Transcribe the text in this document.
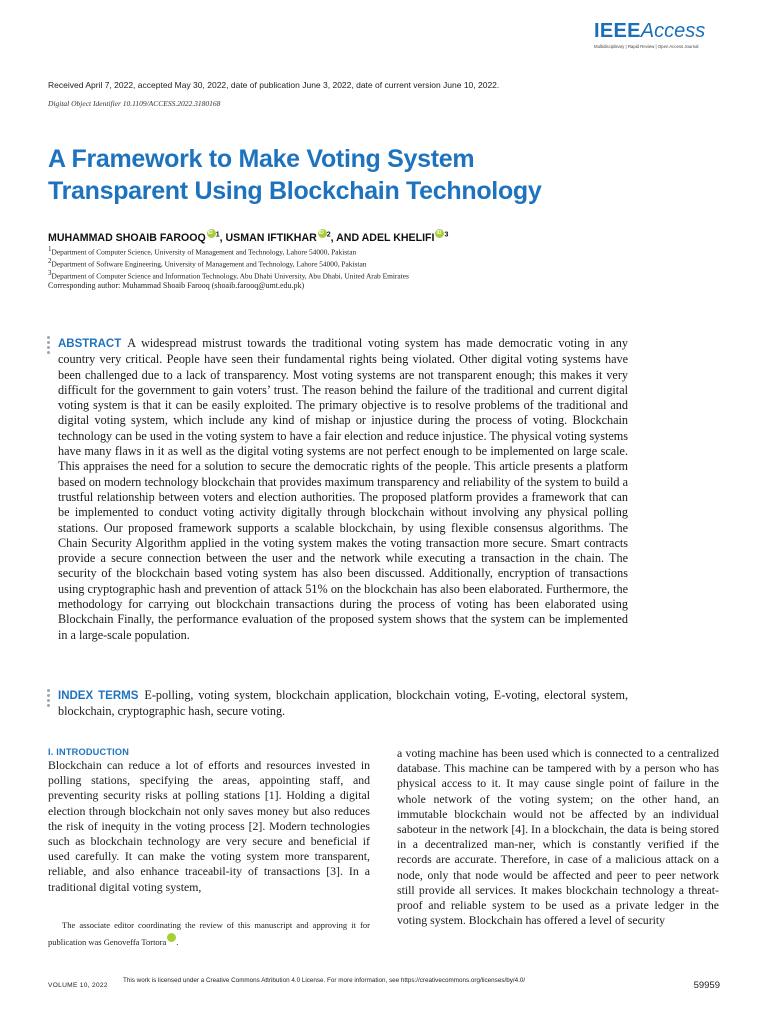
IEEEAccess
Multidisciplinary | Rapid Review | Open Access Journal
Received April 7, 2022, accepted May 30, 2022, date of publication June 3, 2022, date of current version June 10, 2022.
Digital Object Identifier 10.1109/ACCESS.2022.3180168
A Framework to Make Voting System
Transparent Using Blockchain Technology
MUHAMMAD SHOAIB FAROOQ iD $^1$, USMAN IFTIKHAR iD $^2$, AND ADEL KHELIFI iD $^3$
$^1$Department of Computer Science, University of Management and Technology, Lahore 54000, Pakistan
$^2$Department of Software Engineering, University of Management and Technology, Lahore 54000, Pakistan
$^3$Department of Computer Science and Information Technology, Abu Dhabi University, Abu Dhabi, United Arab Emirates
Corresponding author: Muhammad Shoaib Farooq (shoaib.farooq@umt.edu.pk)
ABSTRACT A widespread mistrust towards the traditional voting system has made democratic voting in any country very critical. People have seen their fundamental rights being violated. Other digital voting systems have been challenged due to a lack of transparency. Most voting systems are not transparent enough; this makes it very difficult for the government to gain voters’ trust. The reason behind the failure of the traditional and current digital voting system is that it can be easily exploited. The primary objective is to resolve problems of the traditional and digital voting system, which include any kind of mishap or injustice during the process of voting. Blockchain technology can be used in the voting system to have a fair election and reduce injustice. The physical voting systems have many flaws in it as well as the digital voting systems are not perfect enough to be implemented on large scale. This appraises the need for a solution to secure the democratic rights of the people. This article presents a platform based on modern technology blockchain that provides maximum transparency and reliability of the system to build a trustful relationship between voters and election authorities. The proposed platform provides a framework that can be implemented to conduct voting activity digitally through blockchain without involving any physical polling stations. Our proposed framework supports a scalable blockchain, by using flexible consensus algorithms. The Chain Security Algorithm applied in the voting system makes the voting transaction more secure. Smart contracts provide a secure connection between the user and the network while executing a transaction in the chain. The security of the blockchain based voting system has also been discussed. Additionally, encryption of transactions using cryptographic hash and prevention of attack 51% on the blockchain has also been elaborated. Furthermore, the methodology for carrying out blockchain transactions during the process of voting has been elaborated using Blockchain Finally, the performance evaluation of the proposed system shows that the system can be implemented in a large-scale population.
INDEX TERMS E-polling, voting system, blockchain application, blockchain voting, E-voting, electoral system, blockchain, cryptographic hash, secure voting.
I. INTRODUCTION
Blockchain can reduce a lot of efforts and resources invested in polling stations, specifying the areas, appointing staff, and preventing security risks at polling stations [1]. Holding a digital election through blockchain not only saves money but also reduces the risk of inequity in the voting process [2]. Modern technologies such as blockchain technology are very secure and beneficial if used carefully. It can make the voting system more transparent, reliable, and also enhance traceabil-ity of transactions [3]. In a traditional digital voting system,
a voting machine has been used which is connected to a centralized database. This machine can be tampered with by a person who has physical access to it. It may cause single point of failure in the whole network of the voting system; on the other hand, an immutable blockchain would not be affected by an individual saboteur in the network [4]. In a blockchain, the data is being stored in a decentralized man-ner, which is constantly verified if the records are accurate. Therefore, in case of a malicious attack on a node, only that node would be affected and peer to peer network still provide all services. It makes blockchain technology a threat-proof and reliable system to be used as a private ledger in the voting system. Blockchain has offered a level of security
The associate editor coordinating the review of this manuscript and approving it for publication was Genoveffa Tortora iD .
VOLUME 10, 2022
This work is licensed under a Creative Commons Attribution 4.0 License. For more information, see https://creativecommons.org/licenses/by/4.0/	59959
